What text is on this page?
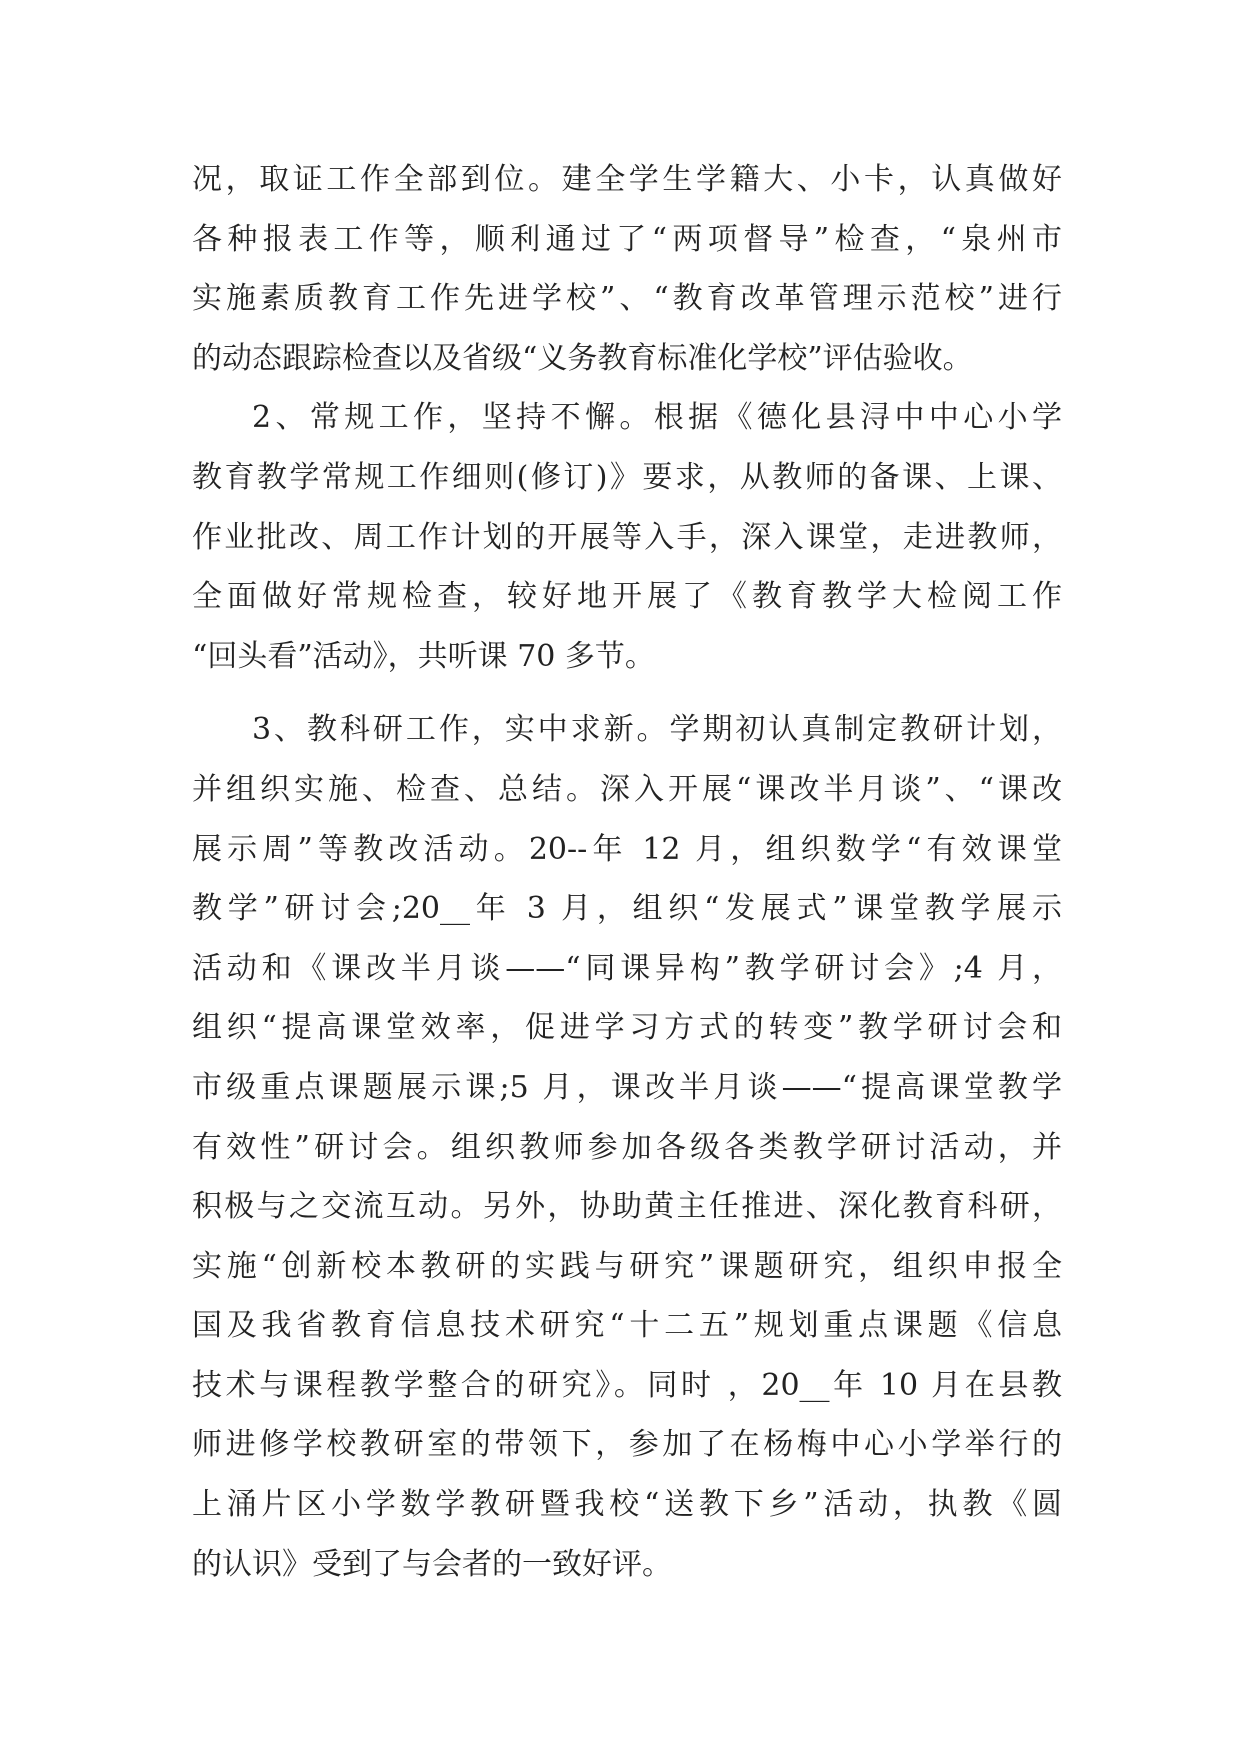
况，取证工作全部到位。建全学生学籍大、小卡，认真做好
各种报表工作等，顺利通过了“两项督导”检查，“泉州市
实施素质教育工作先进学校”、“教育改革管理示范校”进行
的动态跟踪检查以及省级“义务教育标准化学校”评估验收。
2、常规工作，坚持不懈。根据《德化县浔中中心小学
教育教学常规工作细则(修订)》要求，从教师的备课、上课、
作业批改、周工作计划的开展等入手，深入课堂，走进教师，
全面做好常规检查，较好地开展了《教育教学大检阅工作
“回头看”活动》，共听课 70 多节。
3、教科研工作，实中求新。学期初认真制定教研计划，
并组织实施、检查、总结。深入开展“课改半月谈”、“课改
展示周”等教改活动。20--年 12 月，组织数学“有效课堂
教学”研讨会;20__年 3 月，组织“发展式”课堂教学展示
活动和《课改半月谈——“同课异构”教学研讨会》;4 月，
组织“提高课堂效率，促进学习方式的转变”教学研讨会和
市级重点课题展示课;5 月，课改半月谈——“提高课堂教学
有效性”研讨会。组织教师参加各级各类教学研讨活动，并
积极与之交流互动。另外，协助黄主任推进、深化教育科研，
实施“创新校本教研的实践与研究”课题研究，组织申报全
国及我省教育信息技术研究“十二五”规划重点课题《信息
技术与课程教学整合的研究》。同时 ，20__年 10 月在县教
师进修学校教研室的带领下，参加了在杨梅中心小学举行的
上涌片区小学数学教研暨我校“送教下乡”活动，执教《圆
的认识》受到了与会者的一致好评。
